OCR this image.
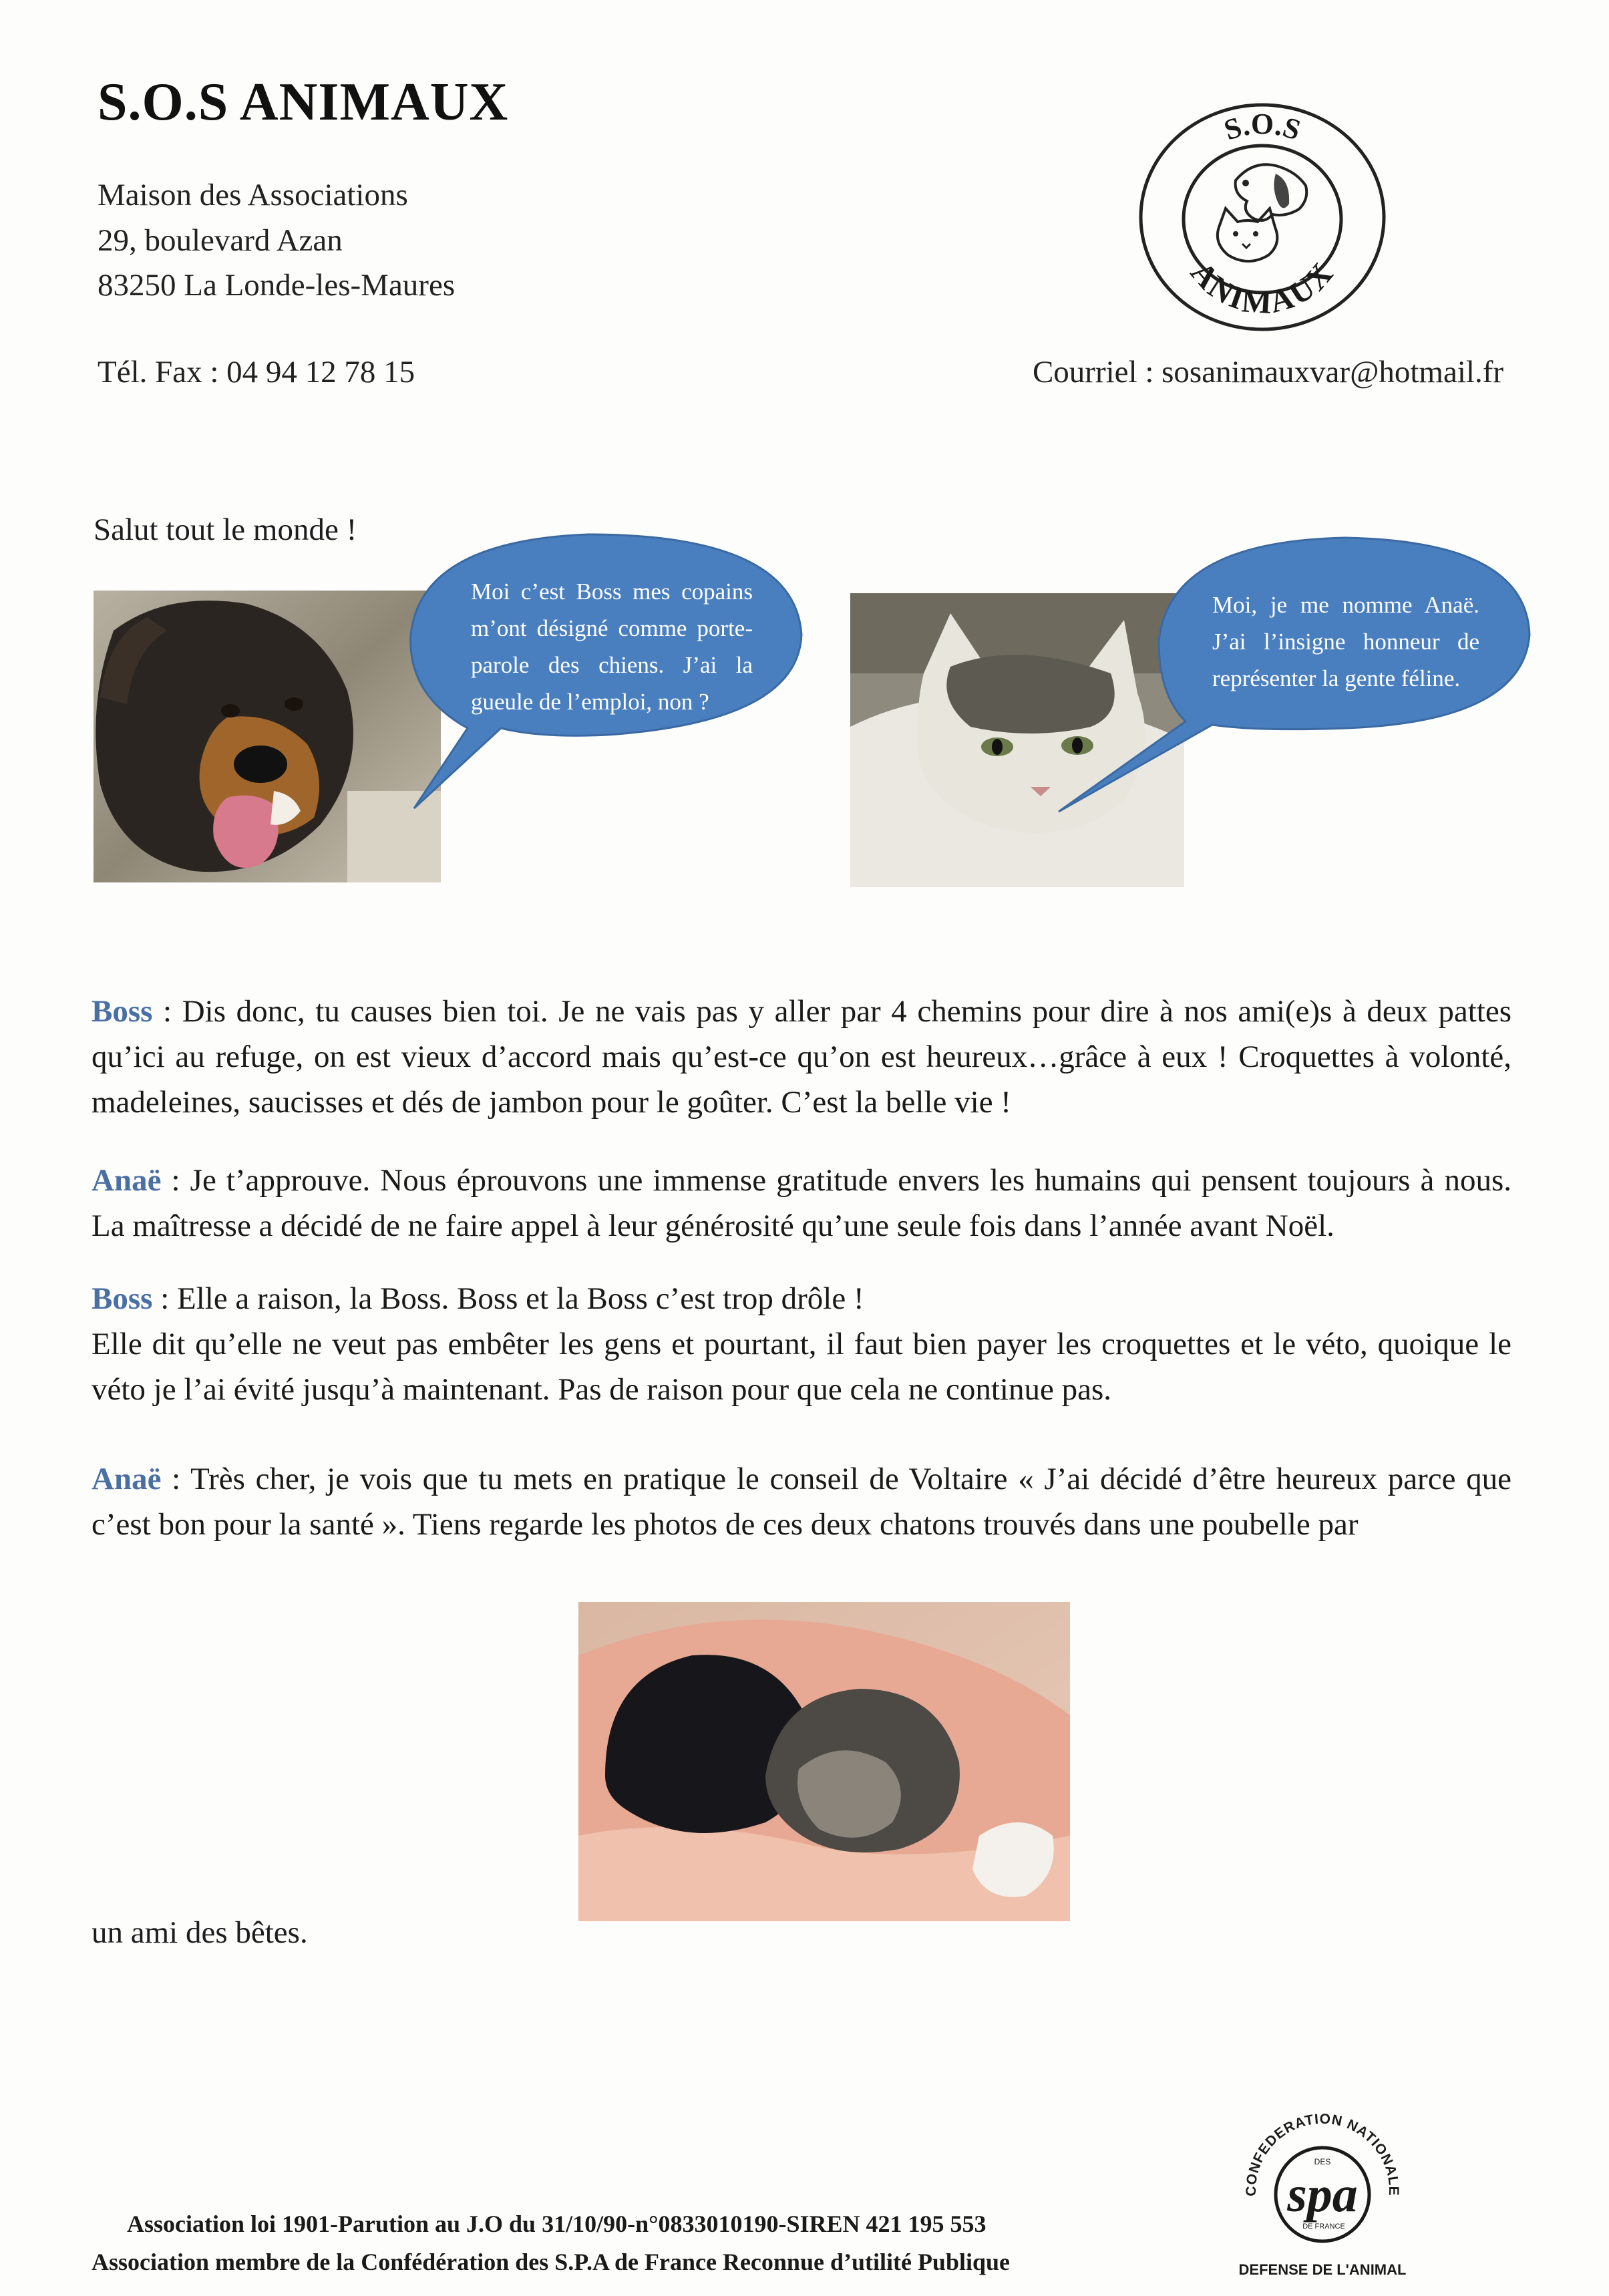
S.O.S ANIMAUX
Maison des Associations
29, boulevard Azan
83250 La Londe-les-Maures
Tél. Fax : 04 94 12 78 15	Courriel : sosanimauxvar@hotmail.fr
S.O.S
ANIMAUX
Salut tout le monde !
Moi c’est Boss mes copains m’ont désigné comme porte-parole des chiens. J’ai la gueule de l’emploi, non ?
Moi, je me nomme Anaë. J’ai l’insigne honneur de représenter la gente féline.
Boss : Dis donc, tu causes bien toi. Je ne vais pas y aller par 4 chemins pour dire à nos ami(e)s à deux pattes qu’ici au refuge, on est vieux d’accord mais qu’est-ce qu’on est heureux…grâce à eux ! Croquettes à volonté, madeleines, saucisses et dés de jambon pour le goûter. C’est la belle vie !
Anaë : Je t’approuve. Nous éprouvons une immense gratitude envers les humains qui pensent toujours à nous. La maîtresse a décidé de ne faire appel à leur générosité qu’une seule fois dans l’année avant Noël.
Boss : Elle a raison, la Boss. Boss et la Boss c’est trop drôle !
Elle dit qu’elle ne veut pas embêter les gens et pourtant, il faut bien payer les croquettes et le véto, quoique le véto je l’ai évité jusqu’à maintenant. Pas de raison pour que cela ne continue pas.
Anaë : Très cher, je vois que tu mets en pratique le conseil de Voltaire « J’ai décidé d’être heureux parce que c’est bon pour la santé ». Tiens regarde les photos de ces deux chatons trouvés dans une poubelle par
un ami des bêtes.
Association loi 1901-Parution au J.O du 31/10/90-n°0833010190-SIREN 421 195 553
Association membre de la Confédération des S.P.A de France Reconnue d’utilité Publique
CONFEDERATION NATIONALE
DES
spa
DE FRANCE
DEFENSE DE L'ANIMAL
